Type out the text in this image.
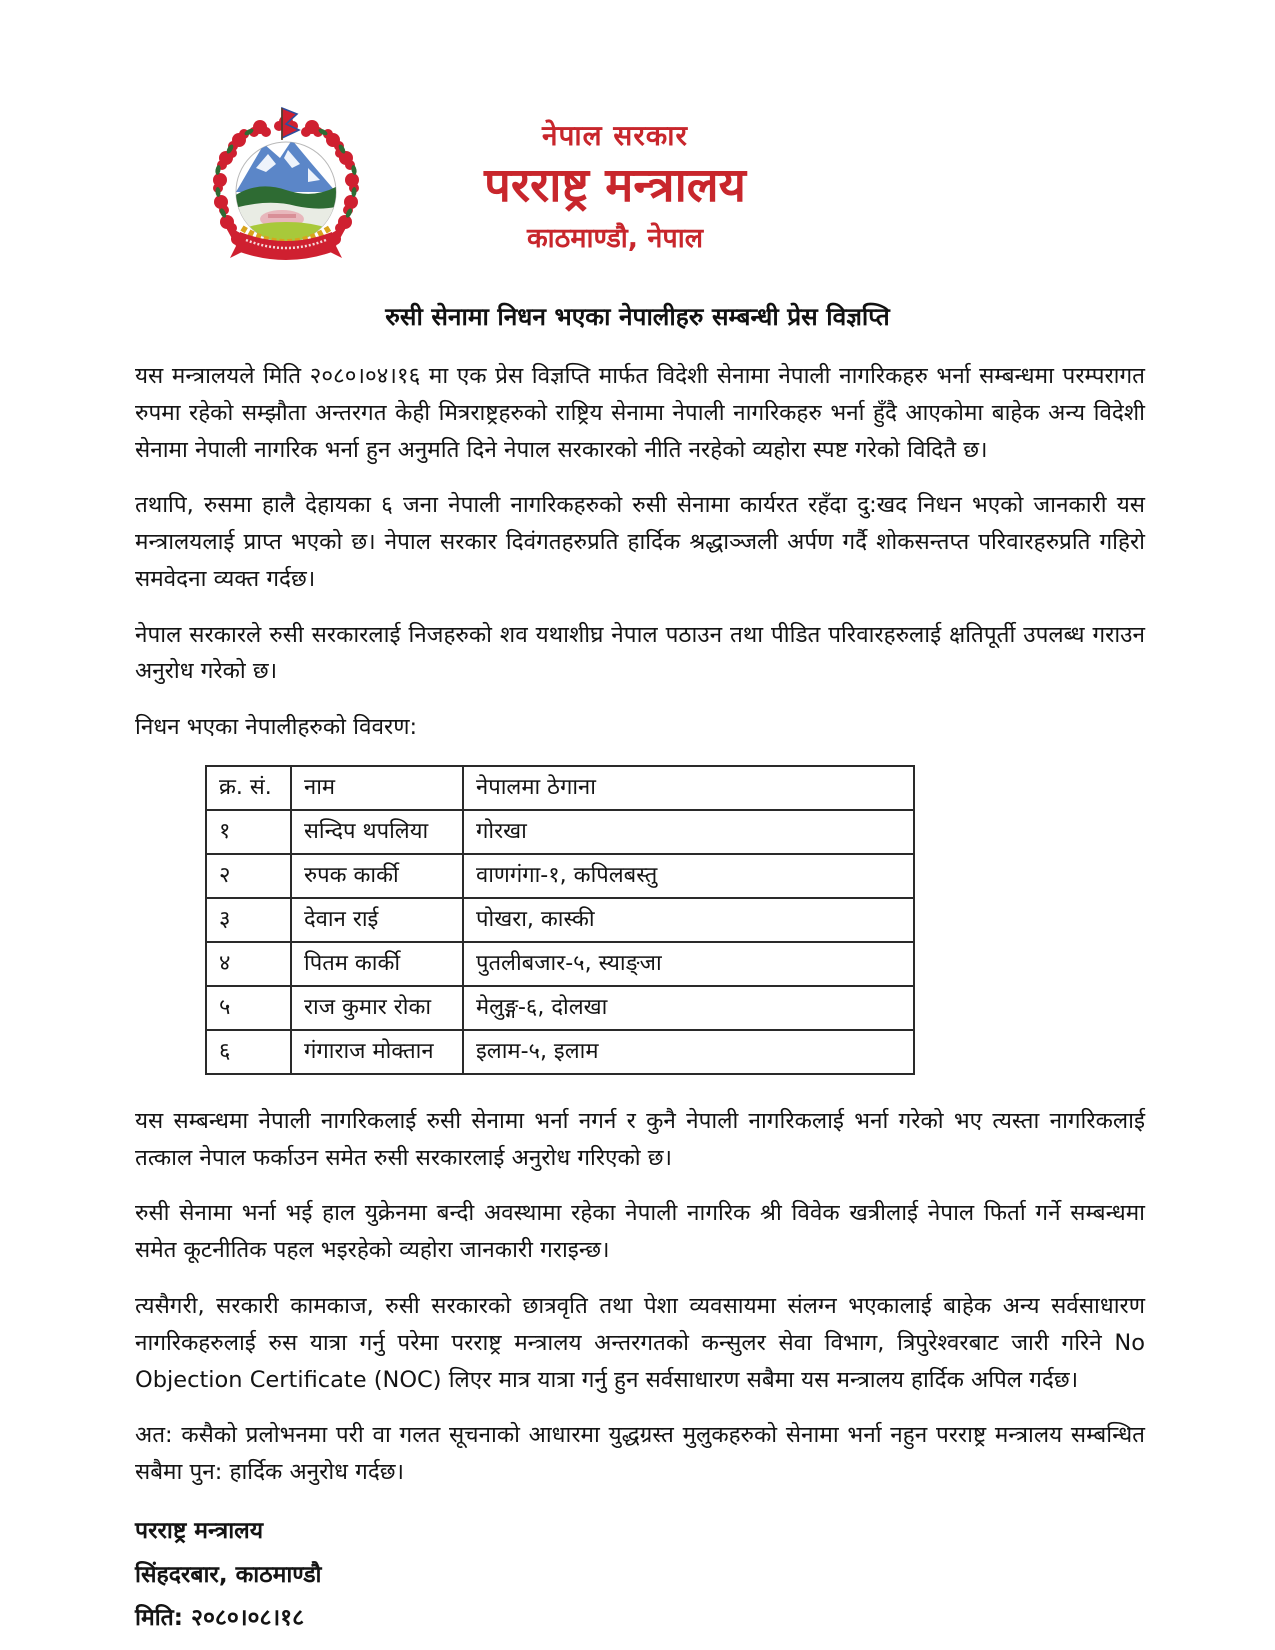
नेपाल सरकार
परराष्ट्र मन्त्रालय
काठमाण्डौ, नेपाल
रुसी सेनामा निधन भएका नेपालीहरु सम्बन्धी प्रेस विज्ञप्ति

यस मन्त्रालयले मिति २०८०।०४।१६ मा एक प्रेस विज्ञप्ति मार्फत विदेशी सेनामा नेपाली नागरिकहरु भर्ना सम्बन्धमा परम्परागत रुपमा रहेको सम्झौता अन्तरगत केही मित्रराष्ट्रहरुको राष्ट्रिय सेनामा नेपाली नागरिकहरु भर्ना हुँदै आएकोमा बाहेक अन्य विदेशी सेनामा नेपाली नागरिक भर्ना हुन अनुमति दिने नेपाल सरकारको नीति नरहेको व्यहोरा स्पष्ट गरेको विदितै छ।

तथापि, रुसमा हालै देहायका ६ जना नेपाली नागरिकहरुको रुसी सेनामा कार्यरत रहँदा दु:खद निधन भएको जानकारी यस मन्त्रालयलाई प्राप्त भएको छ। नेपाल सरकार दिवंगतहरुप्रति हार्दिक श्रद्धाञ्जली अर्पण गर्दै शोकसन्तप्त परिवारहरुप्रति गहिरो समवेदना व्यक्त गर्दछ।

नेपाल सरकारले रुसी सरकारलाई निजहरुको शव यथाशीघ्र नेपाल पठाउन तथा पीडित परिवारहरुलाई क्षतिपूर्ती उपलब्ध गराउन अनुरोध गरेको छ।

निधन भएका नेपालीहरुको विवरण:

क्र. सं.	नाम	नेपालमा ठेगाना
१	सन्दिप थपलिया	गोरखा
२	रुपक कार्की	वाणगंगा-१, कपिलबस्तु
३	देवान राई	पोखरा, कास्की
४	पितम कार्की	पुतलीबजार-५, स्याङ्जा
५	राज कुमार रोका	मेलुङ्ग-६, दोलखा
६	गंगाराज मोक्तान	इलाम-५, इलाम

यस सम्बन्धमा नेपाली नागरिकलाई रुसी सेनामा भर्ना नगर्न र कुनै नेपाली नागरिकलाई भर्ना गरेको भए त्यस्ता नागरिकलाई तत्काल नेपाल फर्काउन समेत रुसी सरकारलाई अनुरोध गरिएको छ।

रुसी सेनामा भर्ना भई हाल युक्रेनमा बन्दी अवस्थामा रहेका नेपाली नागरिक श्री विवेक खत्रीलाई नेपाल फिर्ता गर्ने सम्बन्धमा समेत कूटनीतिक पहल भइरहेको व्यहोरा जानकारी गराइन्छ।

त्यसैगरी, सरकारी कामकाज, रुसी सरकारको छात्रवृति तथा पेशा व्यवसायमा संलग्न भएकालाई बाहेक अन्य सर्वसाधारण नागरिकहरुलाई रुस यात्रा गर्नु परेमा परराष्ट्र मन्त्रालय अन्तरगतको कन्सुलर सेवा विभाग, त्रिपुरेश्वरबाट जारी गरिने No Objection Certificate (NOC) लिएर मात्र यात्रा गर्नु हुन सर्वसाधारण सबैमा यस मन्त्रालय हार्दिक अपिल गर्दछ।

अत: कसैको प्रलोभनमा परी वा गलत सूचनाको आधारमा युद्धग्रस्त मुलुकहरुको सेनामा भर्ना नहुन परराष्ट्र मन्त्रालय सम्बन्धित सबैमा पुन: हार्दिक अनुरोध गर्दछ।

परराष्ट्र मन्त्रालय
सिंहदरबार, काठमाण्डौ
मिति: २०८०।०८।१८
